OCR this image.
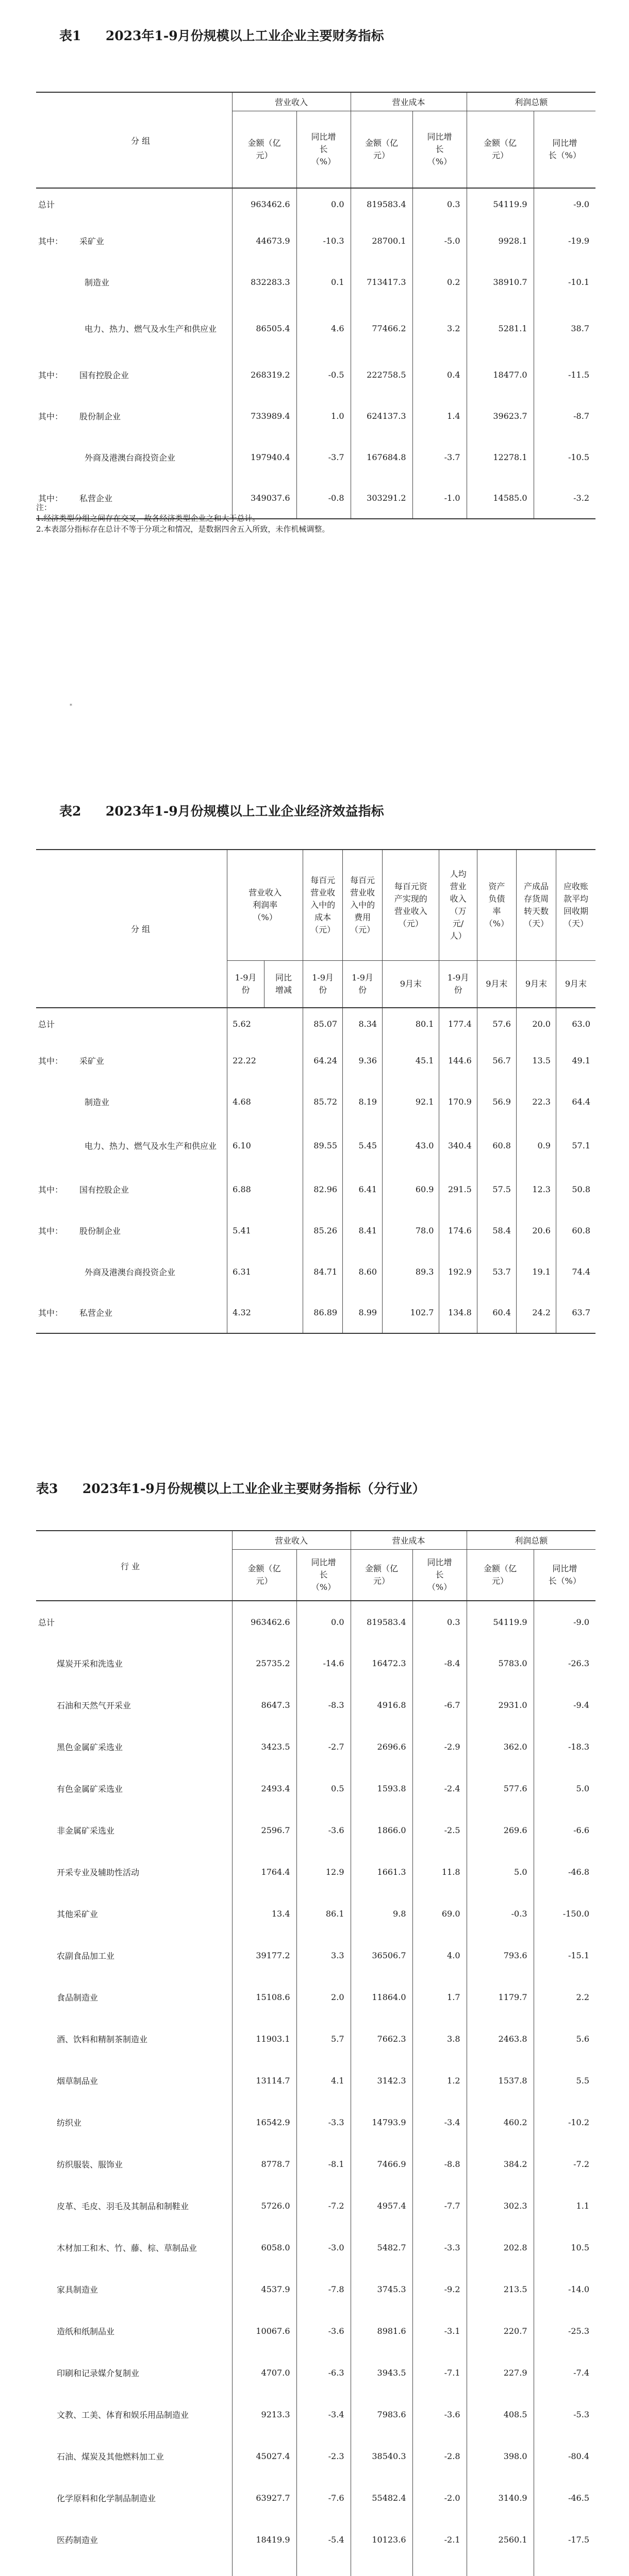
表1 2023年1-9月份规模以上工业企业主要财务指标
分 组	营业收入		营业成本		利润总额	
	金额（亿元）	同比增长（%）	金额（亿元）	同比增长（%）	金额（亿元）	同比增长（%）
总计	963462.6	0.0	819583.4	0.3	54119.9	-9.0
其中： 采矿业	44673.9	-10.3	28700.1	-5.0	9928.1	-19.9
制造业	832283.3	0.1	713417.3	0.2	38910.7	-10.1
电力、热力、燃气及水生产和供应业	86505.4	4.6	77466.2	3.2	5281.1	38.7
其中： 国有控股企业	268319.2	-0.5	222758.5	0.4	18477.0	-11.5
其中： 股份制企业	733989.4	1.0	624137.3	1.4	39623.7	-8.7
外商及港澳台商投资企业	197940.4	-3.7	167684.8	-3.7	12278.1	-10.5
其中： 私营企业	349037.6	-0.8	303291.2	-1.0	14585.0	-3.2
注：
1.经济类型分组之间存在交叉，故各经济类型企业之和大于总计。
2.本表部分指标存在总计不等于分项之和情况，是数据四舍五入所致，未作机械调整。
*
表2 2023年1-9月份规模以上工业企业经济效益指标
分 组	营业收入利润率（%）		每百元营业收入中的成本（元）	每百元营业收入中的费用（元）	每百元资产实现的营业收入（元）	人均营业收入（万元/人）	资产负债率（%）	产成品存货周转天数（天）	应收账款平均回收期（天）
	1-9月份	同比增减	1-9月份	1-9月份	9月末	1-9月份	9月末	9月末	9月末
总计	5.62		85.07	8.34	80.1	177.4	57.6	20.0	63.0
其中： 采矿业	22.22		64.24	9.36	45.1	144.6	56.7	13.5	49.1
制造业	4.68		85.72	8.19	92.1	170.9	56.9	22.3	64.4
电力、热力、燃气及水生产和供应业	6.10		89.55	5.45	43.0	340.4	60.8	0.9	57.1
其中： 国有控股企业	6.88		82.96	6.41	60.9	291.5	57.5	12.3	50.8
其中： 股份制企业	5.41		85.26	8.41	78.0	174.6	58.4	20.6	60.8
外商及港澳台商投资企业	6.31		84.71	8.60	89.3	192.9	53.7	19.1	74.4
其中： 私营企业	4.32		86.89	8.99	102.7	134.8	60.4	24.2	63.7
表3 2023年1-9月份规模以上工业企业主要财务指标（分行业）
行 业	营业收入		营业成本		利润总额	
	金额（亿元）	同比增长（%）	金额（亿元）	同比增长（%）	金额（亿元）	同比增长（%）
总计	963462.6	0.0	819583.4	0.3	54119.9	-9.0
煤炭开采和洗选业	25735.2	-14.6	16472.3	-8.4	5783.0	-26.3
石油和天然气开采业	8647.3	-8.3	4916.8	-6.7	2931.0	-9.4
黑色金属矿采选业	3423.5	-2.7	2696.6	-2.9	362.0	-18.3
有色金属矿采选业	2493.4	0.5	1593.8	-2.4	577.6	5.0
非金属矿采选业	2596.7	-3.6	1866.0	-2.5	269.6	-6.6
开采专业及辅助性活动	1764.4	12.9	1661.3	11.8	5.0	-46.8
其他采矿业	13.4	86.1	9.8	69.0	-0.3	-150.0
农副食品加工业	39177.2	3.3	36506.7	4.0	793.6	-15.1
食品制造业	15108.6	2.0	11864.0	1.7	1179.7	2.2
酒、饮料和精制茶制造业	11903.1	5.7	7662.3	3.8	2463.8	5.6
烟草制品业	13114.7	4.1	3142.3	1.2	1537.8	5.5
纺织业	16542.9	-3.3	14793.9	-3.4	460.2	-10.2
纺织服装、服饰业	8778.7	-8.1	7466.9	-8.8	384.2	-7.2
皮革、毛皮、羽毛及其制品和制鞋业	5726.0	-7.2	4957.4	-7.7	302.3	1.1
木材加工和木、竹、藤、棕、草制品业	6058.0	-3.0	5482.7	-3.3	202.8	10.5
家具制造业	4537.9	-7.8	3745.3	-9.2	213.5	-14.0
造纸和纸制品业	10067.6	-3.6	8981.6	-3.1	220.7	-25.3
印刷和记录媒介复制业	4707.0	-6.3	3943.5	-7.1	227.9	-7.4
文教、工美、体育和娱乐用品制造业	9213.3	-3.4	7983.6	-3.6	408.5	-5.3
石油、煤炭及其他燃料加工业	45027.4	-2.3	38540.3	-2.8	398.0	-80.4
化学原料和化学制品制造业	63927.7	-7.6	55482.4	-2.0	3140.9	-46.5
医药制造业	18419.9	-5.4	10123.6	-2.1	2560.1	-17.5
